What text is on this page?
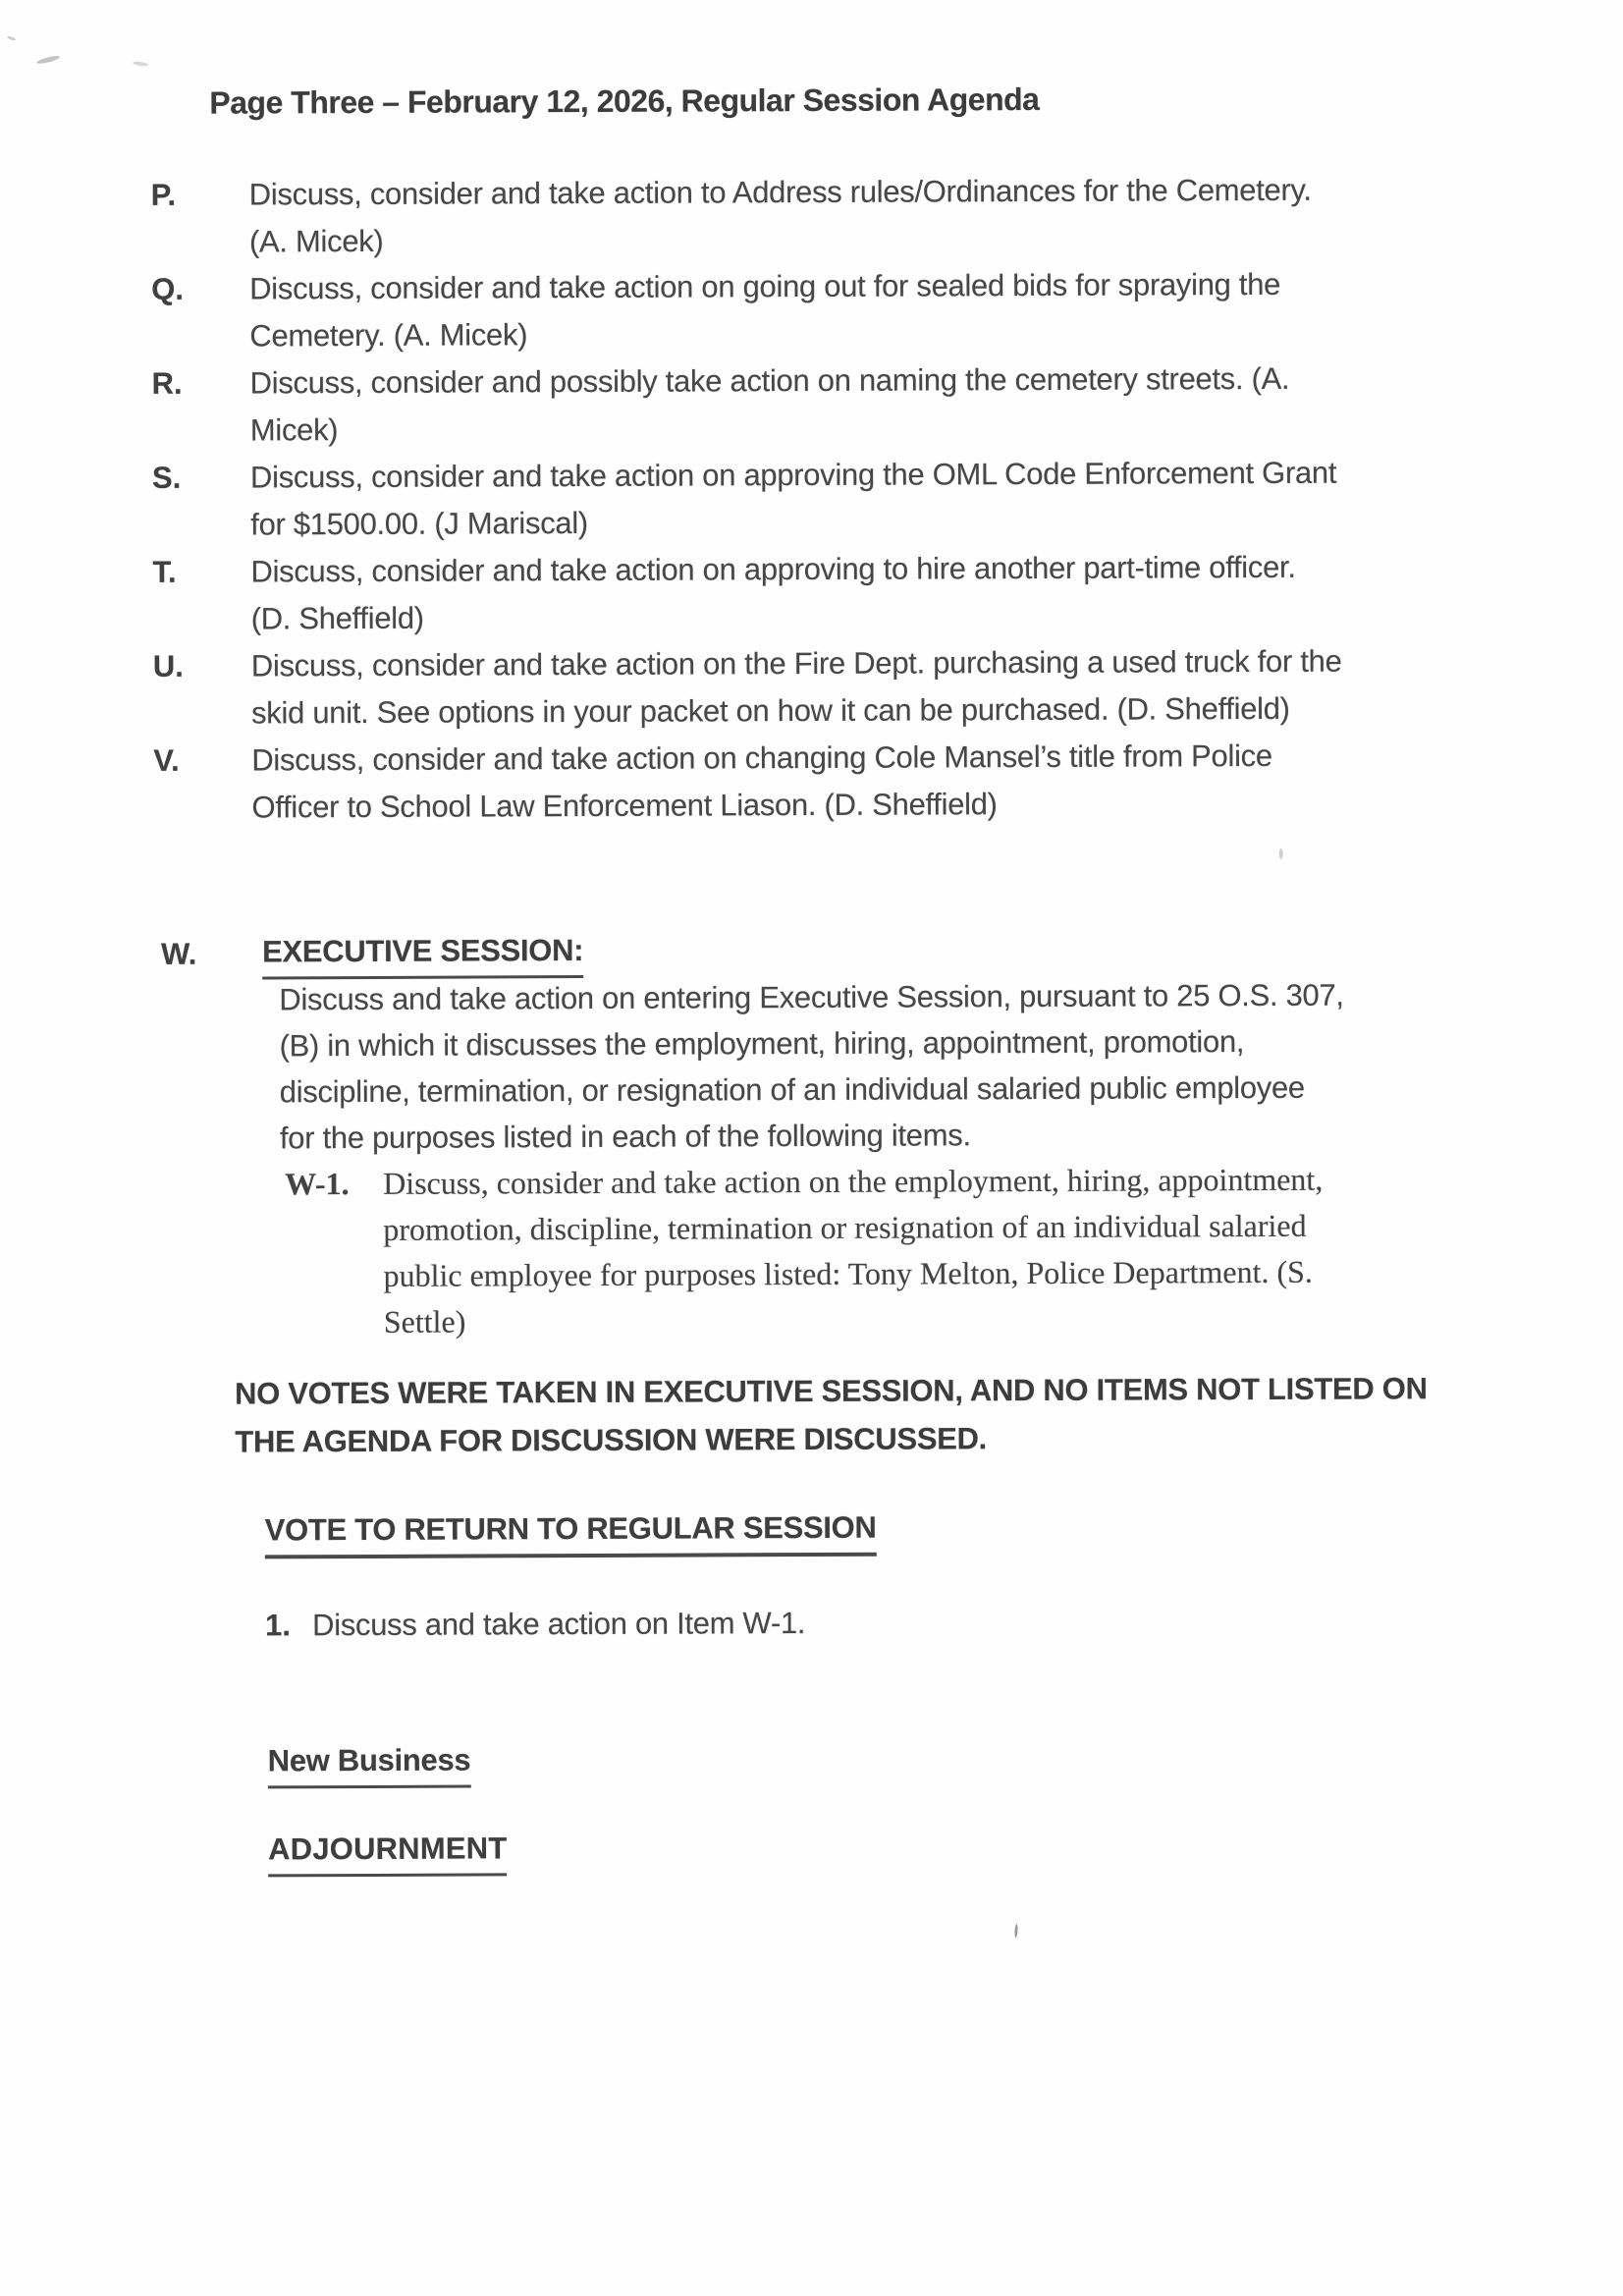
Page Three – February 12, 2026, Regular Session Agenda
P.	Discuss, consider and take action to Address rules/Ordinances for the Cemetery.
(A. Micek)
Q.	Discuss, consider and take action on going out for sealed bids for spraying the
Cemetery. (A. Micek)
R.	Discuss, consider and possibly take action on naming the cemetery streets. (A.
Micek)
S.	Discuss, consider and take action on approving the OML Code Enforcement Grant
for $1500.00. (J Mariscal)
T.	Discuss, consider and take action on approving to hire another part-time officer.
(D. Sheffield)
U.	Discuss, consider and take action on the Fire Dept. purchasing a used truck for the
skid unit. See options in your packet on how it can be purchased. (D. Sheffield)
V.	Discuss, consider and take action on changing Cole Mansel’s title from Police
Officer to School Law Enforcement Liason. (D. Sheffield)
W.	EXECUTIVE SESSION:
Discuss and take action on entering Executive Session, pursuant to 25 O.S. 307,
(B) in which it discusses the employment, hiring, appointment, promotion,
discipline, termination, or resignation of an individual salaried public employee
for the purposes listed in each of the following items.
W-1.	Discuss, consider and take action on the employment, hiring, appointment,
promotion, discipline, termination or resignation of an individual salaried
public employee for purposes listed: Tony Melton, Police Department. (S.
Settle)
NO VOTES WERE TAKEN IN EXECUTIVE SESSION, AND NO ITEMS NOT LISTED ON
THE AGENDA FOR DISCUSSION WERE DISCUSSED.
VOTE TO RETURN TO REGULAR SESSION
1. Discuss and take action on Item W-1.
New Business
ADJOURNMENT
